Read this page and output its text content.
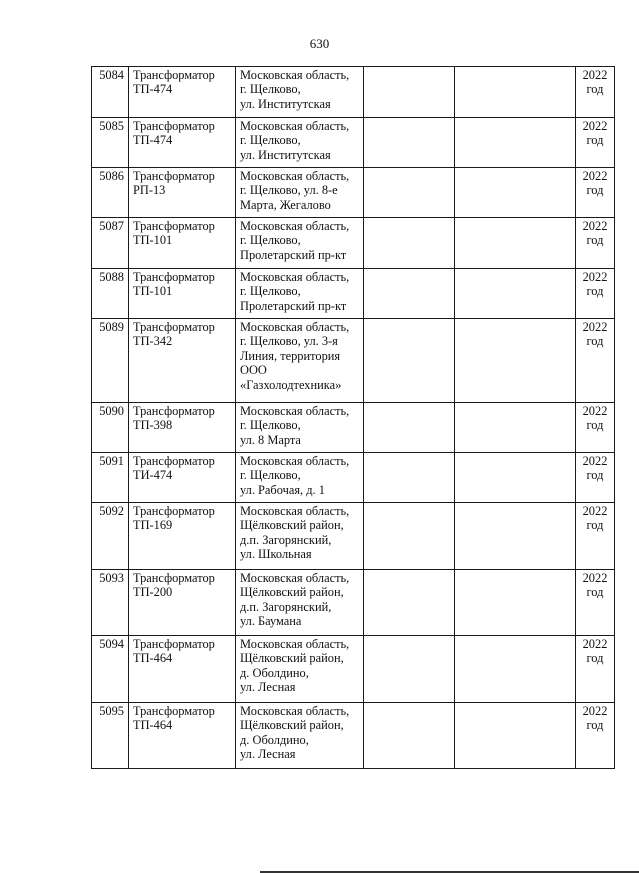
630
5084	Трансформатор
ТП-474	Московская область,
г. Щелково,
ул. Институтская			2022
год
5085	Трансформатор
ТП-474	Московская область,
г. Щелково,
ул. Институтская			2022
год
5086	Трансформатор
РП-13	Московская область,
г. Щелково, ул. 8-е
Марта, Жегалово			2022
год
5087	Трансформатор
ТП-101	Московская область,
г. Щелково,
Пролетарский пр-кт			2022
год
5088	Трансформатор
ТП-101	Московская область,
г. Щелково,
Пролетарский пр-кт			2022
год
5089	Трансформатор
ТП-342	Московская область,
г. Щелково, ул. 3-я
Линия, территория
ООО
«Газхолодтехника»			2022
год
5090	Трансформатор
ТП-398	Московская область,
г. Щелково,
ул. 8 Марта			2022
год
5091	Трансформатор
ТИ-474	Московская область,
г. Щелково,
ул. Рабочая, д. 1			2022
год
5092	Трансформатор
ТП-169	Московская область,
Щёлковский район,
д.п. Загорянский,
ул. Школьная			2022
год
5093	Трансформатор
ТП-200	Московская область,
Щёлковский район,
д.п. Загорянский,
ул. Баумана			2022
год
5094	Трансформатор
ТП-464	Московская область,
Щёлковский район,
д. Оболдино,
ул. Лесная			2022
год
5095	Трансформатор
ТП-464	Московская область,
Щёлковский район,
д. Оболдино,
ул. Лесная			2022
год
